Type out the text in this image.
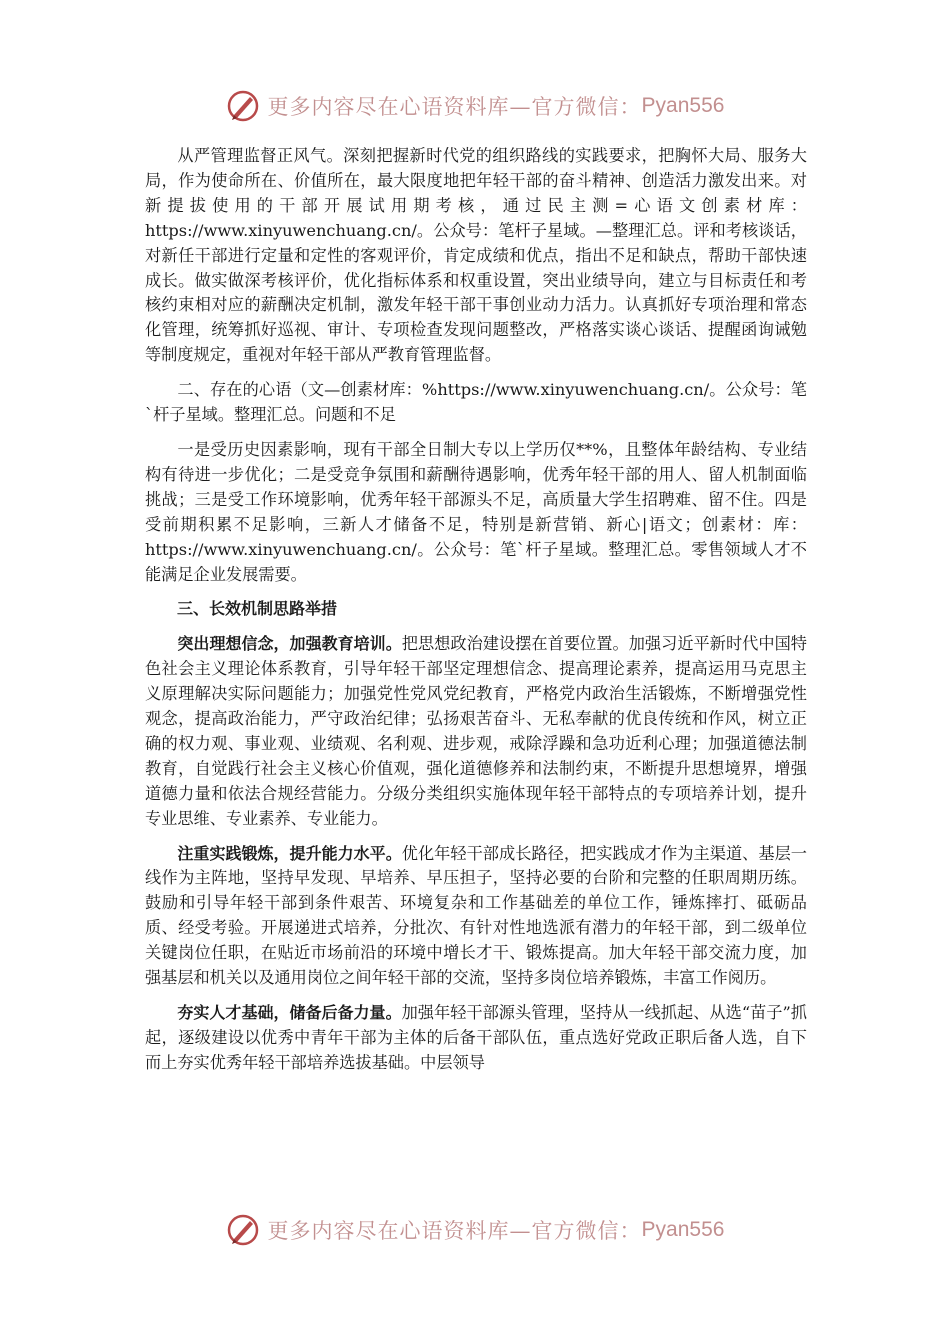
更多内容尽在心语资料库—官方微信： Pyan556

从严管理监督正风气。深刻把握新时代党的组织路线的实践要求，把胸怀大局、服务大局，作为使命所在、价值所在，最大限度地把年轻干部的奋斗精神、创造活力激发出来。对新提拔使用的干部开展试用期考核，通过民主测=心语文创素材库：https://www.xinyuwenchuang.cn/。公众号：笔杆子星域。—整理汇总。评和考核谈话，对新任干部进行定量和定性的客观评价，肯定成绩和优点，指出不足和缺点，帮助干部快速成长。做实做深考核评价，优化指标体系和权重设置，突出业绩导向，建立与目标责任和考核约束相对应的薪酬决定机制，激发年轻干部干事创业动力活力。认真抓好专项治理和常态化管理，统筹抓好巡视、审计、专项检查发现问题整改，严格落实谈心谈话、提醒函询诫勉等制度规定，重视对年轻干部从严教育管理监督。

二、存在的心语（文—创素材库：%https://www.xinyuwenchuang.cn/。公众号：笔`杆子星域。整理汇总。问题和不足

一是受历史因素影响，现有干部全日制大专以上学历仅**%，且整体年龄结构、专业结构有待进一步优化；二是受竞争氛围和薪酬待遇影响，优秀年轻干部的用人、留人机制面临挑战；三是受工作环境影响，优秀年轻干部源头不足，高质量大学生招聘难、留不住。四是受前期积累不足影响，三新人才储备不足，特别是新营销、新心|语文；创素材：库：https://www.xinyuwenchuang.cn/。公众号：笔`杆子星域。整理汇总。零售领域人才不能满足企业发展需要。

三、长效机制思路举措

突出理想信念，加强教育培训。把思想政治建设摆在首要位置。加强习近平新时代中国特色社会主义理论体系教育，引导年轻干部坚定理想信念、提高理论素养，提高运用马克思主义原理解决实际问题能力；加强党性党风党纪教育，严格党内政治生活锻炼，不断增强党性观念，提高政治能力，严守政治纪律；弘扬艰苦奋斗、无私奉献的优良传统和作风，树立正确的权力观、事业观、业绩观、名利观、进步观，戒除浮躁和急功近利心理；加强道德法制教育，自觉践行社会主义核心价值观，强化道德修养和法制约束，不断提升思想境界，增强道德力量和依法合规经营能力。分级分类组织实施体现年轻干部特点的专项培养计划，提升专业思维、专业素养、专业能力。

注重实践锻炼，提升能力水平。优化年轻干部成长路径，把实践成才作为主渠道、基层一线作为主阵地，坚持早发现、早培养、早压担子，坚持必要的台阶和完整的任职周期历练。鼓励和引导年轻干部到条件艰苦、环境复杂和工作基础差的单位工作，锤炼摔打、砥砺品质、经受考验。开展递进式培养，分批次、有针对性地选派有潜力的年轻干部，到二级单位关键岗位任职，在贴近市场前沿的环境中增长才干、锻炼提高。加大年轻干部交流力度，加强基层和机关以及通用岗位之间年轻干部的交流，坚持多岗位培养锻炼，丰富工作阅历。

夯实人才基础，储备后备力量。加强年轻干部源头管理，坚持从一线抓起、从选“苗子”抓起，逐级建设以优秀中青年干部为主体的后备干部队伍，重点选好党政正职后备人选，自下而上夯实优秀年轻干部培养选拔基础。中层领导

更多内容尽在心语资料库—官方微信： Pyan556
